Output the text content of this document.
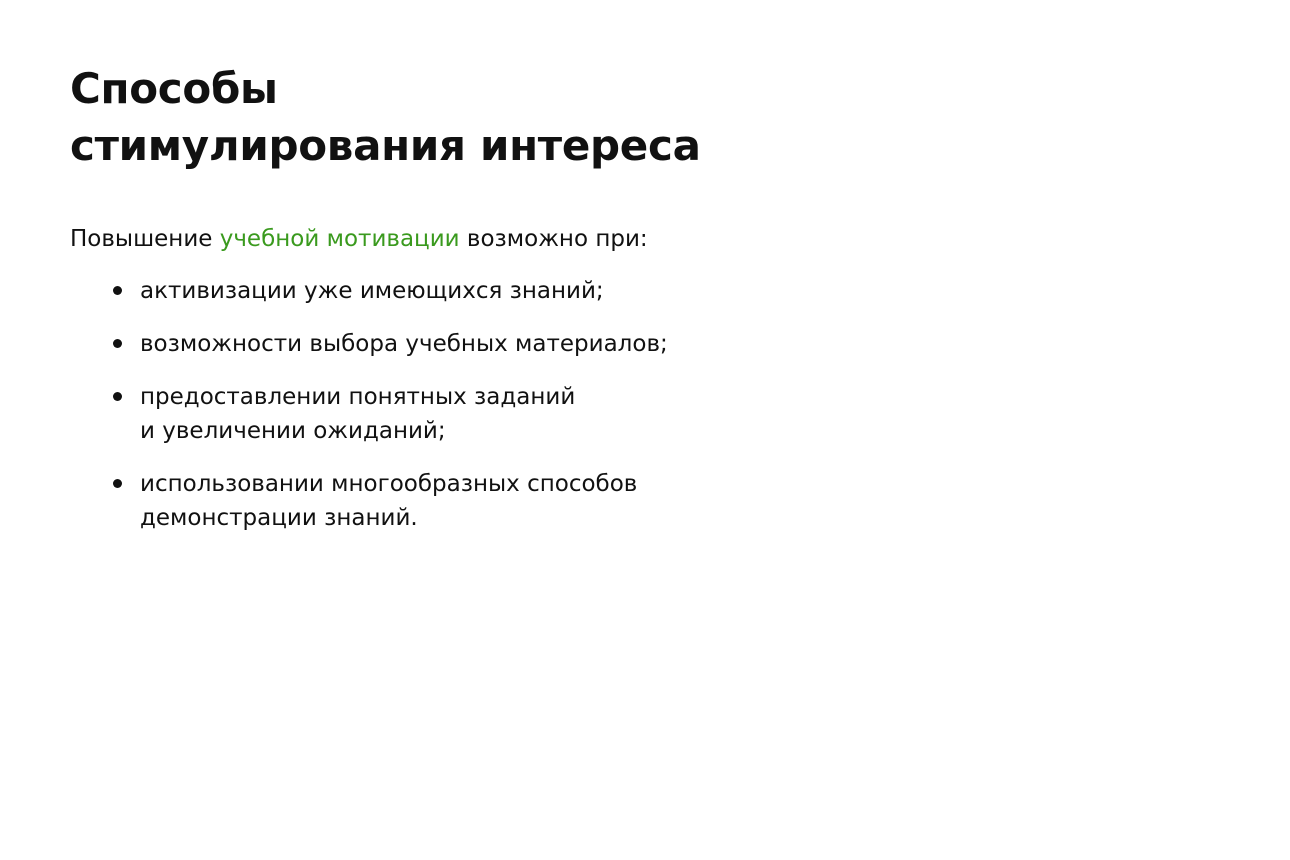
Способы
стимулирования интереса

Повышение учебной мотивации возможно при:

активизации уже имеющихся знаний;
возможности выбора учебных материалов;
предоставлении понятных заданий
и увеличении ожиданий;
использовании многообразных способов
демонстрации знаний.
